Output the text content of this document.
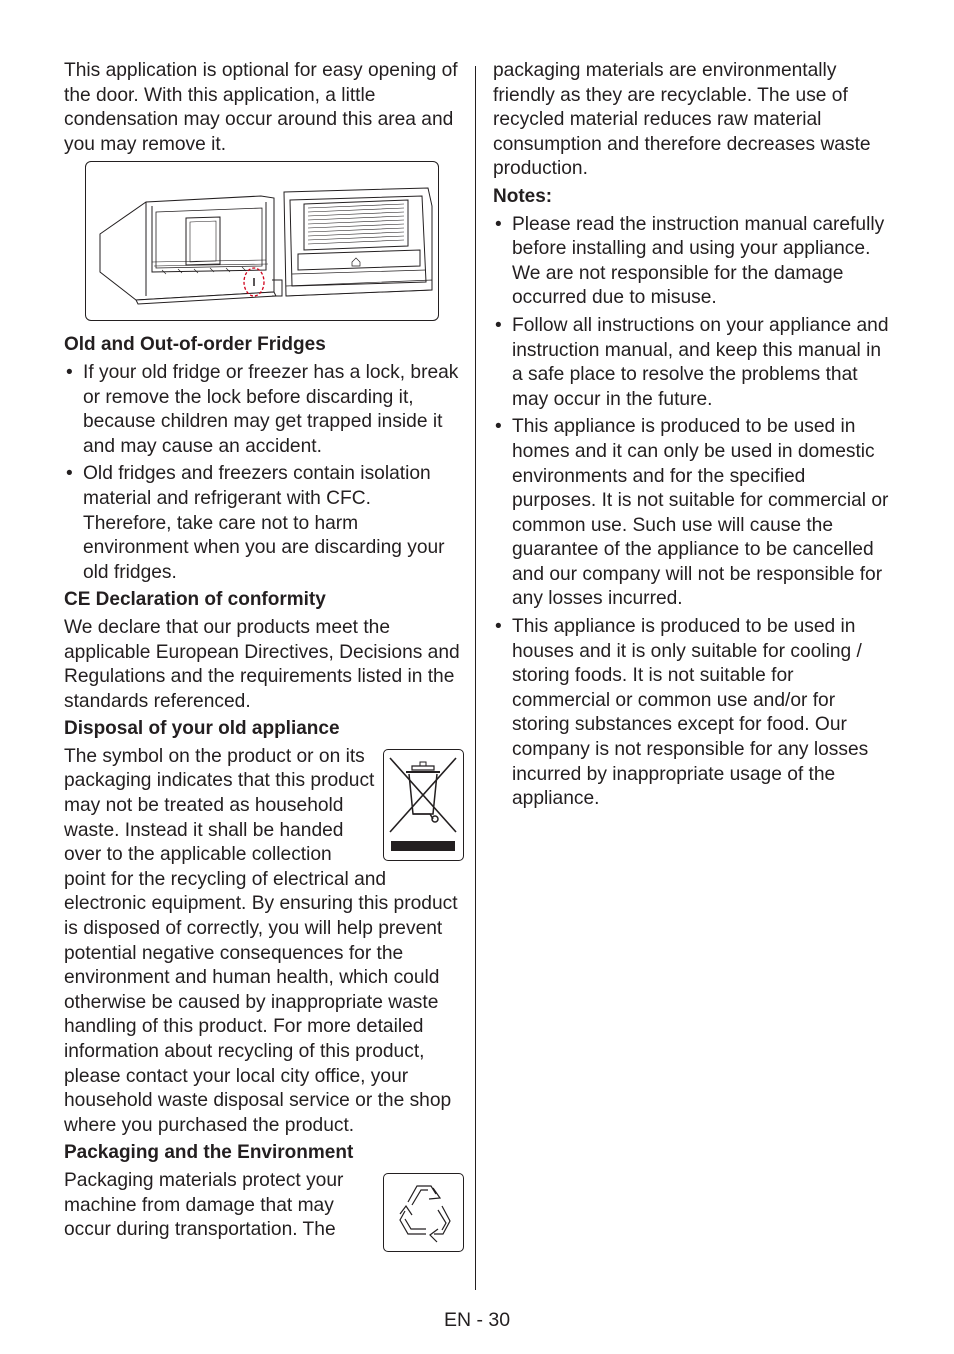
This application is optional for easy opening of the door. With this application, a little condensation may occur around this area and you may remove it.

Old and Out-of-order Fridges
• If your old fridge or freezer has a lock, break or remove the lock before discarding it, because children may get trapped inside it and may cause an accident.
• Old fridges and freezers contain isolation material and refrigerant with CFC. Therefore, take care not to harm environment when you are discarding your old fridges.
CE Declaration of conformity

We declare that our products meet the applicable European Directives, Decisions and Regulations and the requirements listed in the standards referenced.

Disposal of your old appliance

The symbol on the product or on its packaging indicates that this product may not be treated as household waste. Instead it shall be handed over to the applicable collection point for the recycling of electrical and electronic equipment. By ensuring this product is disposed of correctly, you will help prevent potential negative consequences for the environment and human health, which could otherwise be caused by inappropriate waste handling of this product. For more detailed information about recycling of this product, please contact your local city office, your household waste disposal service or the shop where you purchased the product.

Packaging and the Environment

Packaging materials protect your machine from damage that may occur during transportation. The

packaging materials are environmentally friendly as they are recyclable. The use of recycled material reduces raw material consumption and therefore decreases waste production.

Notes:
• Please read the instruction manual carefully before installing and using your appliance. We are not responsible for the damage occurred due to misuse.
• Follow all instructions on your appliance and instruction manual, and keep this manual in a safe place to resolve the problems that may occur in the future.
• This appliance is produced to be used in homes and it can only be used in domestic environments and for the specified purposes. It is not suitable for commercial or common use. Such use will cause the guarantee of the appliance to be cancelled and our company will not be responsible for any losses incurred.
• This appliance is produced to be used in houses and it is only suitable for cooling / storing foods. It is not suitable for commercial or common use and/or for storing substances except for food. Our company is not responsible for any losses incurred by inappropriate usage of the appliance.
EN - 30
